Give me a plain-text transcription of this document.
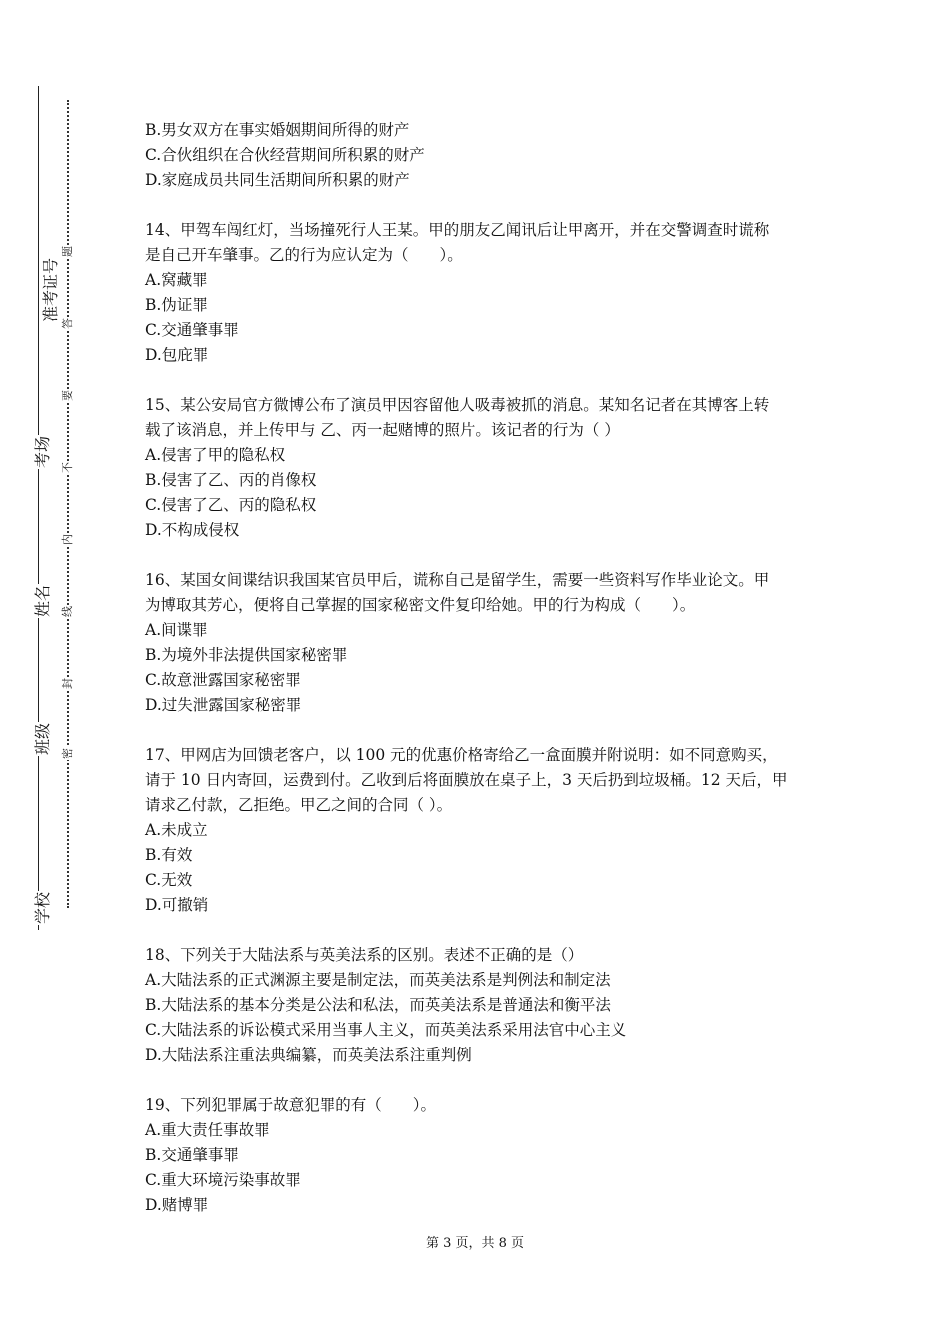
准考证号
考场
姓名
班级
学校
题
答
要
不
内
线
封
密
B.男女双方在事实婚姻期间所得的财产
C.合伙组织在合伙经营期间所积累的财产
D.家庭成员共同生活期间所积累的财产
14、甲驾车闯红灯，当场撞死行人王某。甲的朋友乙闻讯后让甲离开，并在交警调查时谎称
是自己开车肇事。乙的行为应认定为（　　）。
A.窝藏罪
B.伪证罪
C.交通肇事罪
D.包庇罪
15、某公安局官方微博公布了演员甲因容留他人吸毒被抓的消息。某知名记者在其博客上转
载了该消息，并上传甲与 乙、丙一起赌博的照片。该记者的行为（ ）
A.侵害了甲的隐私权
B.侵害了乙、丙的肖像权
C.侵害了乙、丙的隐私权
D.不构成侵权
16、某国女间谍结识我国某官员甲后，谎称自己是留学生，需要一些资料写作毕业论文。甲
为博取其芳心，便将自己掌握的国家秘密文件复印给她。甲的行为构成（　　）。
A.间谍罪
B.为境外非法提供国家秘密罪
C.故意泄露国家秘密罪
D.过失泄露国家秘密罪
17、甲网店为回馈老客户，以 100 元的优惠价格寄给乙一盒面膜并附说明：如不同意购买，
请于 10 日内寄回，运费到付。乙收到后将面膜放在桌子上，3 天后扔到垃圾桶。12 天后，甲
请求乙付款，乙拒绝。甲乙之间的合同（ ）。
A.未成立
B.有效
C.无效
D.可撤销
18、下列关于大陆法系与英美法系的区别。表述不正确的是（）
A.大陆法系的正式渊源主要是制定法，而英美法系是判例法和制定法
B.大陆法系的基本分类是公法和私法，而英美法系是普通法和衡平法
C.大陆法系的诉讼模式采用当事人主义，而英美法系采用法官中心主义
D.大陆法系注重法典编纂，而英美法系注重判例
19、下列犯罪属于故意犯罪的有（　　）。
A.重大责任事故罪
B.交通肇事罪
C.重大环境污染事故罪
D.赌博罪
第 3 页，共 8 页
